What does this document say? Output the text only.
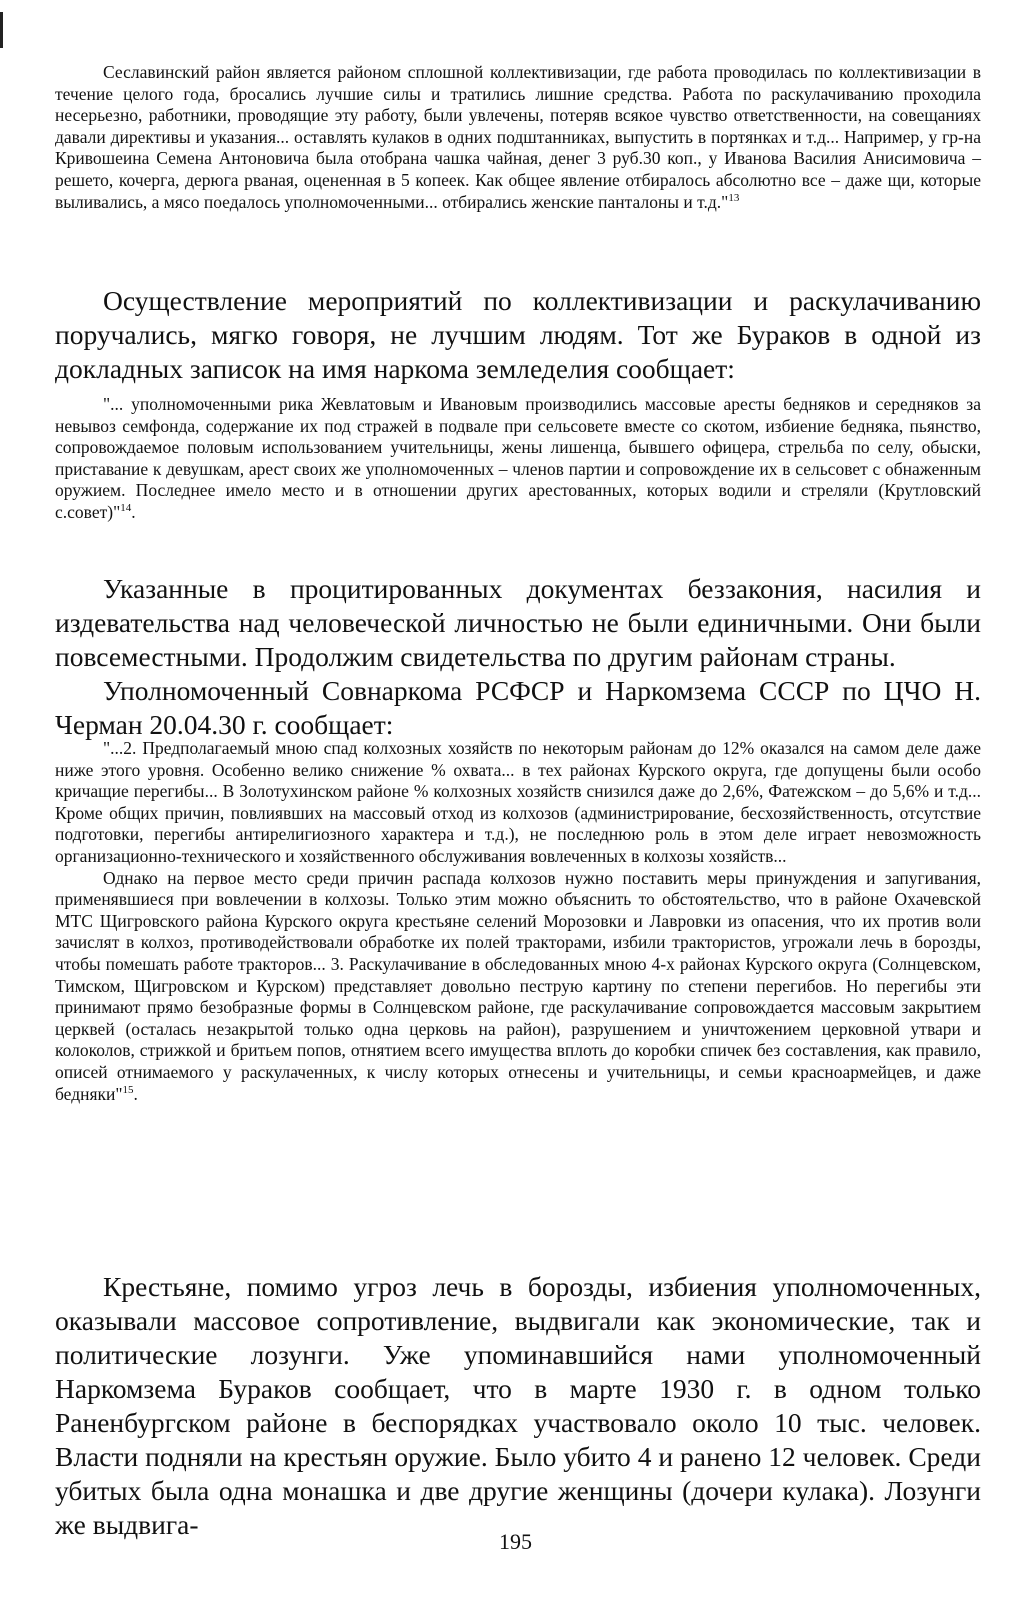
Сеславинский район является районом сплошной коллективизации, где работа проводилась по коллективизации в течение целого года, бросались лучшие силы и тратились лишние средства. Работа по раскулачиванию проходила несерьезно, работники, проводящие эту работу, были увлечены, потеряв всякое чувство ответственности, на совещаниях давали директивы и указания... оставлять кулаков в одних подштанниках, выпустить в портянках и т.д... Например, у гр-на Кривошеина Семена Антоновича была отобрана чашка чайная, денег 3 руб.30 коп., у Иванова Василия Анисимовича – решето, кочерга, дерюга рваная, оцененная в 5 копеек. Как общее явление отбиралось абсолютно все – даже щи, которые выливались, а мясо поедалось уполномоченными... отбирались женские панталоны и т.д."$^{13}$

Осуществление мероприятий по коллективизации и раскулачиванию поручались, мягко говоря, не лучшим людям. Тот же Бураков в одной из докладных записок на имя наркома земледелия сообщает:

"... уполномоченными рика Жевлатовым и Ивановым производились массовые аресты бедняков и середняков за невывоз семфонда, содержание их под стражей в подвале при сельсовете вместе со скотом, избиение бедняка, пьянство, сопровождаемое половым использованием учительницы, жены лишенца, бывшего офицера, стрельба по селу, обыски, приставание к девушкам, арест своих же уполномоченных – членов партии и сопровождение их в сельсовет с обнаженным оружием. Последнее имело место и в отношении других арестованных, которых водили и стреляли (Крутловский с.совет)"$^{14}$.

Указанные в процитированных документах беззакония, насилия и издевательства над человеческой личностью не были единичными. Они были повсеместными. Продолжим свидетельства по другим районам страны.

Уполномоченный Совнаркома РСФСР и Наркомзема СССР по ЦЧО Н. Черман 20.04.30 г. сообщает:

"...2. Предполагаемый мною спад колхозных хозяйств по некоторым районам до 12% оказался на самом деле даже ниже этого уровня. Особенно велико снижение % охвата... в тех районах Курского округа, где допущены были особо кричащие перегибы... В Золотухинском районе % колхозных хозяйств снизился даже до 2,6%, Фатежском – до 5,6% и т.д... Кроме общих причин, повлиявших на массовый отход из колхозов (администрирование, бесхозяйственность, отсутствие подготовки, перегибы антирелигиозного характера и т.д.), не последнюю роль в этом деле играет невозможность организационно-технического и хозяйственного обслуживания вовлеченных в колхозы хозяйств...

Однако на первое место среди причин распада колхозов нужно поставить меры принуждения и запугивания, применявшиеся при вовлечении в колхозы. Только этим можно объяснить то обстоятельство, что в районе Охачевской МТС Щигровского района Курского округа крестьяне селений Морозовки и Лавровки из опасения, что их против воли зачислят в колхоз, противодействовали обработке их полей тракторами, избили трактористов, угрожали лечь в борозды, чтобы помешать работе тракторов... 3. Раскулачивание в обследованных мною 4-х районах Курского округа (Солнцевском, Тимском, Щигровском и Курском) представляет довольно пеструю картину по степени перегибов. Но перегибы эти принимают прямо безобразные формы в Солнцевском районе, где раскулачивание сопровождается массовым закрытием церквей (осталась незакрытой только одна церковь на район), разрушением и уничтожением церковной утвари и колоколов, стрижкой и бритьем попов, отнятием всего имущества вплоть до коробки спичек без составления, как правило, описей отнимаемого у раскулаченных, к числу которых отнесены и учительницы, и семьи красноармейцев, и даже бедняки"$^{15}$.

Крестьяне, помимо угроз лечь в борозды, избиения уполномоченных, оказывали массовое сопротивление, выдвигали как экономические, так и политические лозунги. Уже упоминавшийся нами уполномоченный Наркомзема Бураков сообщает, что в марте 1930 г. в одном только Раненбургском районе в беспорядках участвовало около 10 тыс. человек. Власти подняли на крестьян оружие. Было убито 4 и ранено 12 человек. Среди убитых была одна монашка и две другие женщины (дочери кулака). Лозунги же выдвига-

195
